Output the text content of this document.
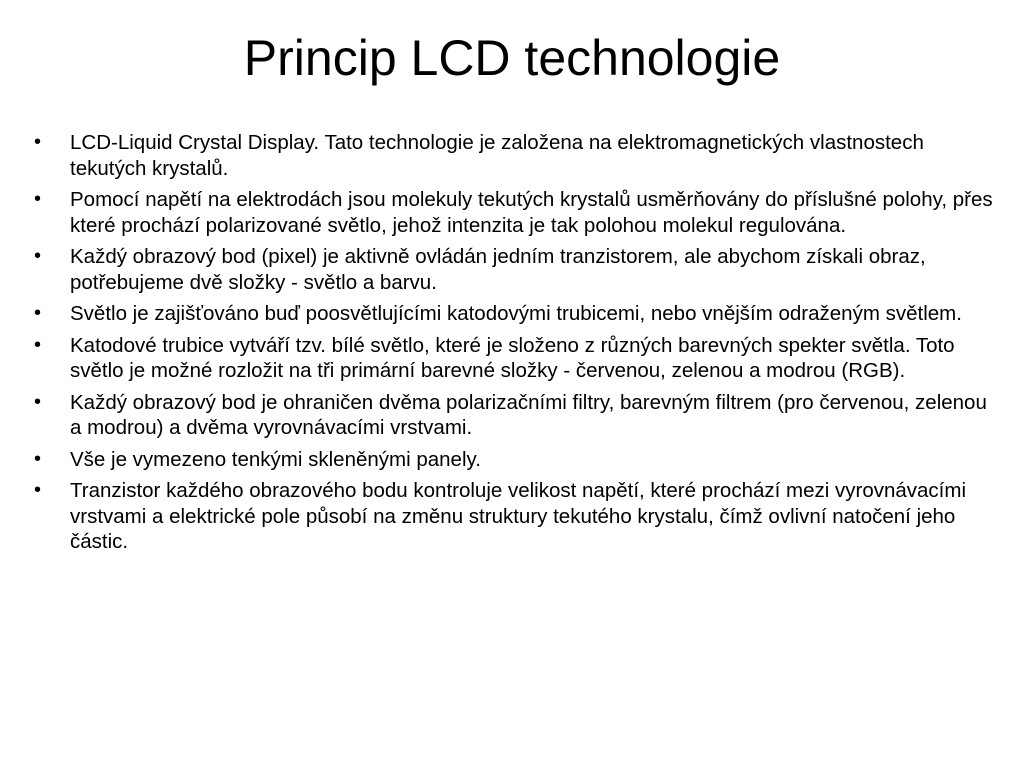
Princip LCD technologie
•	LCD-Liquid Crystal Display. Tato technologie je založena na elektromagnetických vlastnostech tekutých krystalů.
•	Pomocí napětí na elektrodách jsou molekuly tekutých krystalů usměrňovány do příslušné polohy, přes které prochází polarizované světlo, jehož intenzita je tak polohou molekul regulována.
•	Každý obrazový bod (pixel) je aktivně ovládán jedním tranzistorem, ale abychom získali obraz, potřebujeme dvě složky - světlo a barvu.
•	Světlo je zajišťováno buď poosvětlujícími katodovými trubicemi, nebo vnějším odraženým světlem.
•	Katodové trubice vytváří tzv. bílé světlo, které je složeno z různých barevných spekter světla. Toto světlo je možné rozložit na tři primární barevné složky - červenou, zelenou a modrou (RGB).
•	Každý obrazový bod je ohraničen dvěma polarizačními filtry, barevným filtrem (pro červenou, zelenou a modrou) a dvěma vyrovnávacími vrstvami.
•	Vše je vymezeno tenkými skleněnými panely.
•	Tranzistor každého obrazového bodu kontroluje velikost napětí, které prochází mezi vyrovnávacími vrstvami a elektrické pole působí na změnu struktury tekutého krystalu, čímž ovlivní natočení jeho částic.
